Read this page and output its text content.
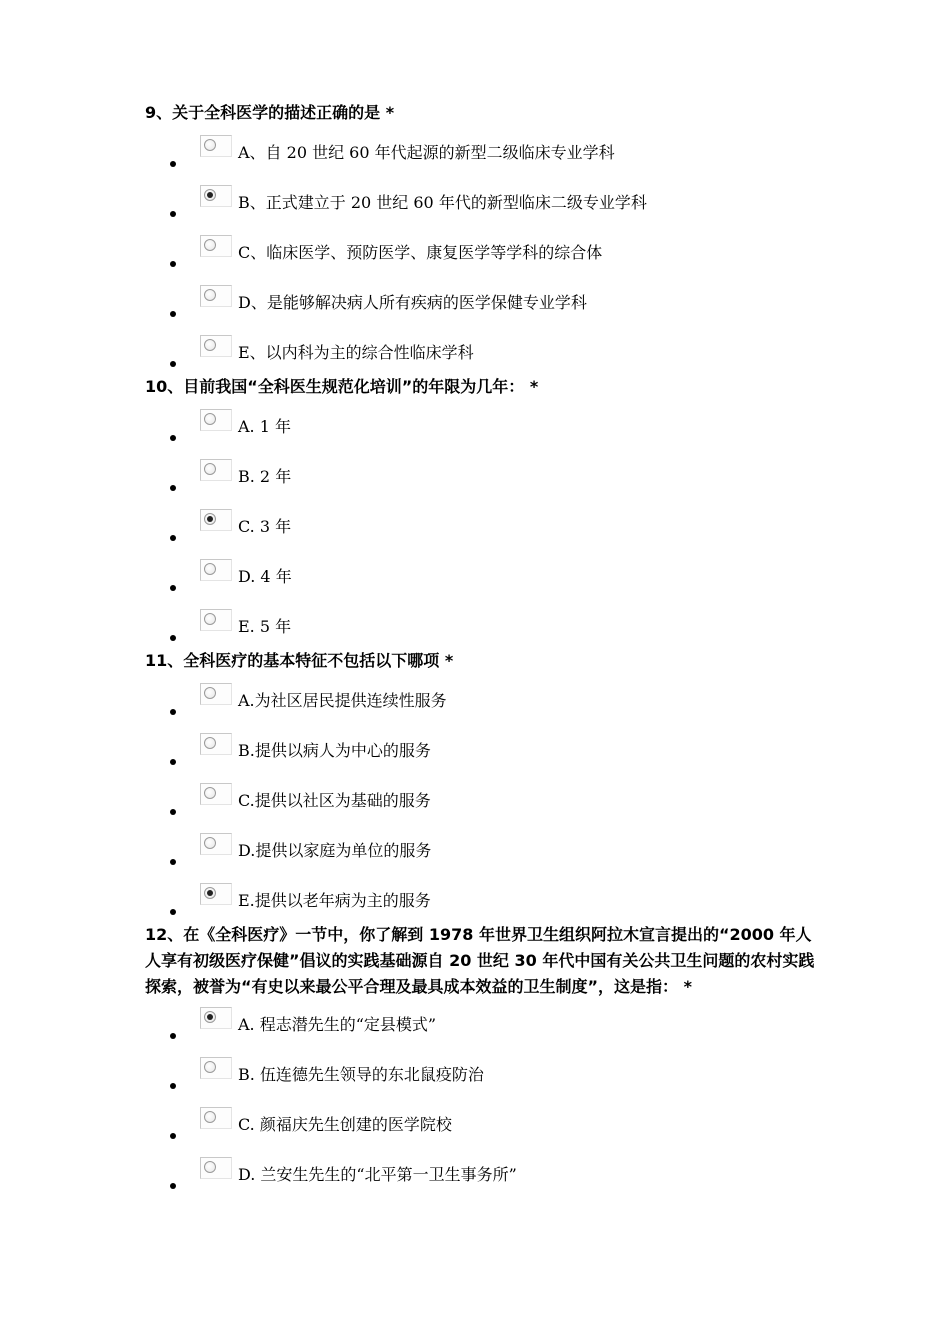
9、关于全科医学的描述正确的是 *

A、自 20 世纪 60 年代起源的新型二级临床专业学科
B、正式建立于 20 世纪 60 年代的新型临床二级专业学科
C、临床医学、预防医学、康复医学等学科的综合体
D、是能够解决病人所有疾病的医学保健专业学科
E、以内科为主的综合性临床学科

10、目前我国“全科医生规范化培训”的年限为几年： *

A. 1 年
B. 2 年
C. 3 年
D. 4 年
E. 5 年

11、全科医疗的基本特征不包括以下哪项 *

A.为社区居民提供连续性服务
B.提供以病人为中心的服务
C.提供以社区为基础的服务
D.提供以家庭为单位的服务
E.提供以老年病为主的服务

12、在《全科医疗》一节中，你了解到 1978 年世界卫生组织阿拉木宣言提出的“2000 年人人享有初级医疗保健”倡议的实践基础源自 20 世纪 30 年代中国有关公共卫生问题的农村实践探索，被誉为“有史以来最公平合理及最具成本效益的卫生制度”，这是指： *

A. 程志潜先生的“定县模式”
B. 伍连德先生领导的东北鼠疫防治
C. 颜福庆先生创建的医学院校
D. 兰安生先生的“北平第一卫生事务所”
